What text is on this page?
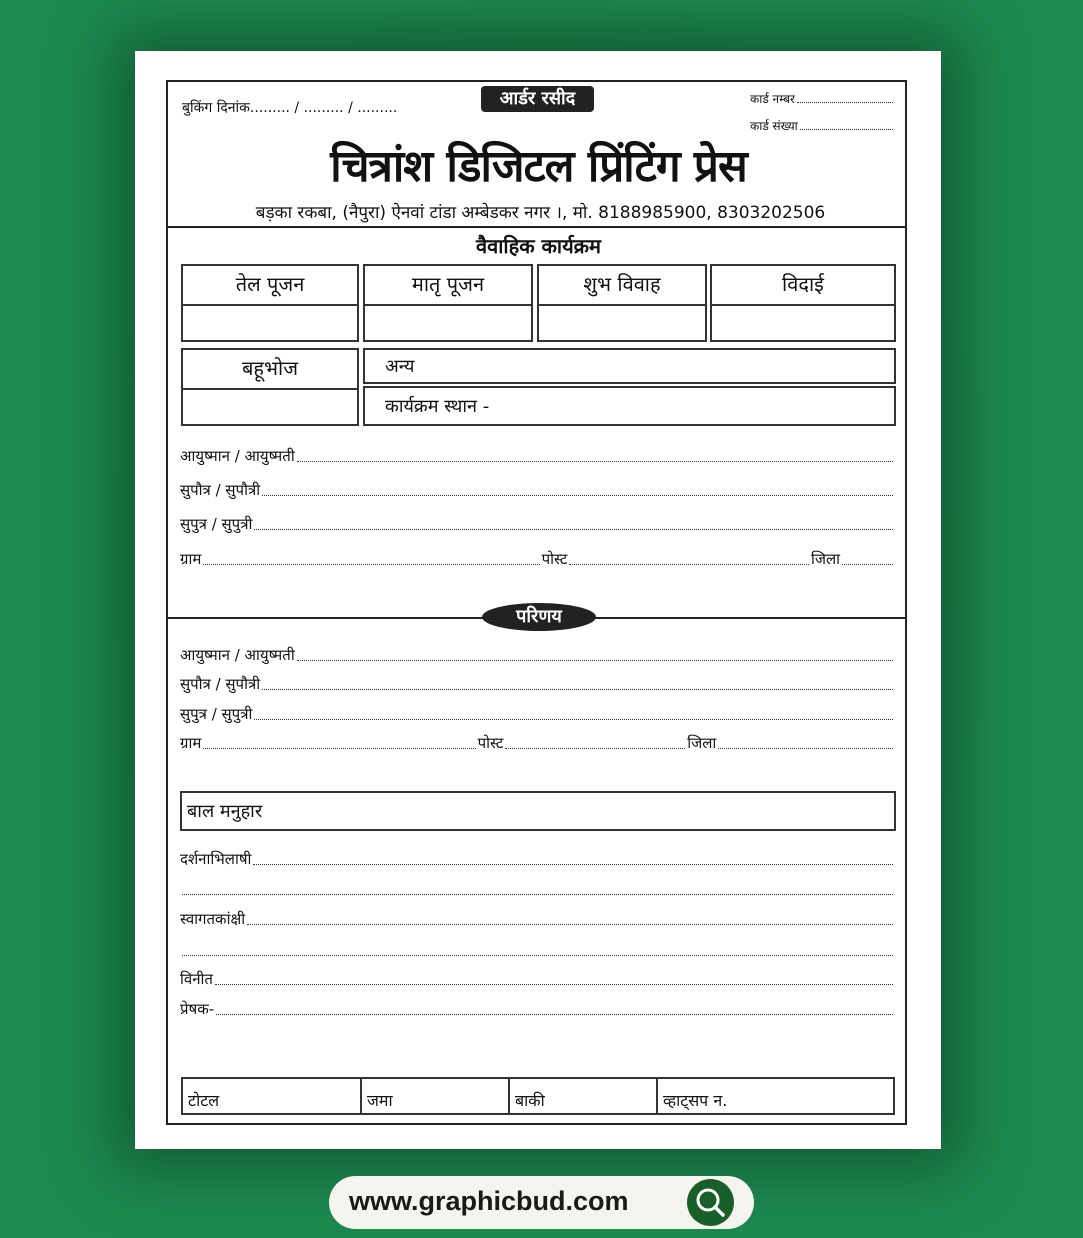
बुकिंग दिनांक......... / ......... / .........	आर्डर रसीद	कार्ड नम्बर
कार्ड संख्या
चित्रांश डिजिटल प्रिंटिंग प्रेस
बड़का रकबा, (नैपुरा) ऐनवां टांडा अम्बेडकर नगर ।, मो. 8188985900, 8303202506
वैवाहिक कार्यक्रम
तेल पूजन	मातृ पूजन	शुभ विवाह	विदाई
बहूभोज	अन्य
कार्यक्रम स्थान -
आयुष्मान / आयुष्मती
सुपौत्र / सुपौत्री
सुपुत्र / सुपुत्री
ग्राम	पोस्ट	जिला
परिणय
आयुष्मान / आयुष्मती
सुपौत्र / सुपौत्री
सुपुत्र / सुपुत्री
ग्राम	पोस्ट	जिला
बाल मनुहार
दर्शनाभिलाषी
स्वागतकांक्षी
विनीत
प्रेषक-
टोटल	जमा	बाकी	व्हाट्सप न.
www.graphicbud.com
